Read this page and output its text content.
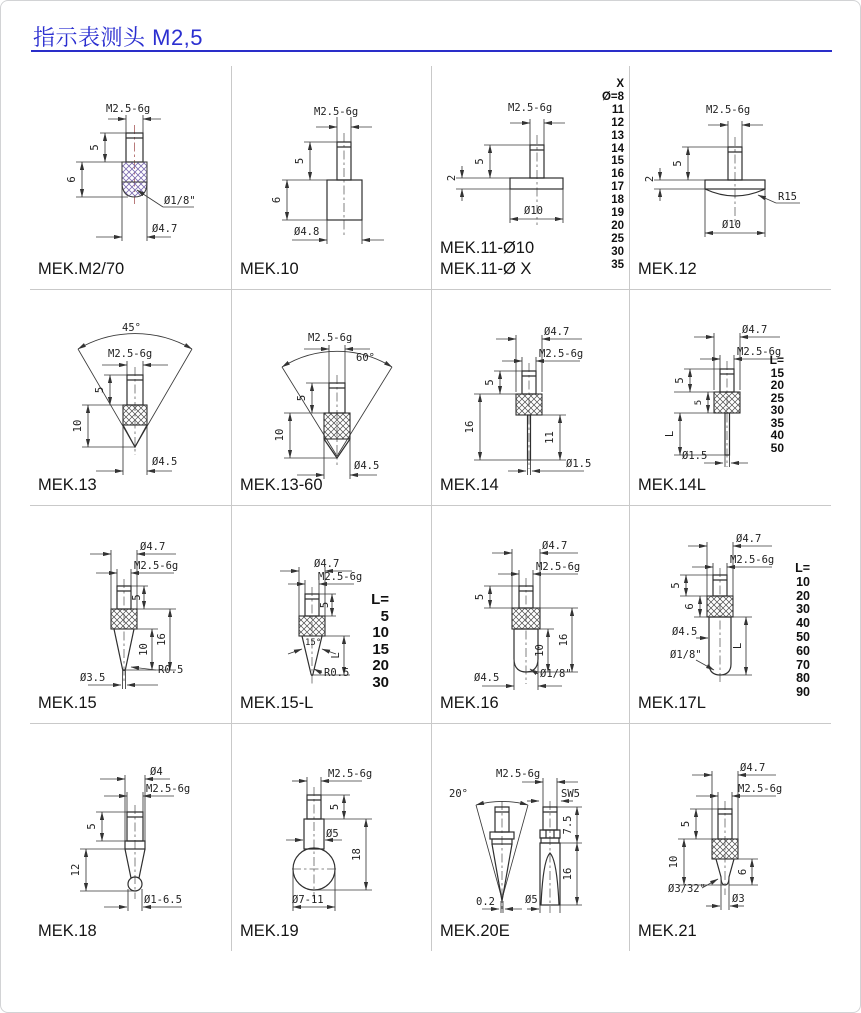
指示表测头 M2,5
M2.5-6g
5
6
Ø1/8"
Ø4.7
MEK.M2/70
M2.5-6g
5
6
Ø4.8
MEK.10
M2.5-6g
5
2
Ø10
X
Ø=8
11
12
13
14
15
16
17
18
19
20
25
30
35
MEK.11-Ø10
MEK.11-Ø X
M2.5-6g
5
2
R15
Ø10
MEK.12
45°
M2.5-6g
5
10
Ø4.5
MEK.13
M2.5-6g
60°
5
10
Ø4.5
MEK.13-60
Ø4.7
M2.5-6g
5
16
11
Ø1.5
MEK.14
Ø4.7
M2.5-6g
5
5
L
Ø1.5
L=
15
20
25
30
35
40
50
MEK.14L
Ø4.7
M2.5-6g
5
10
16
R0.5
Ø3.5
MEK.15
Ø4.7
M2.5-6g
5
L
15°
R0.5
L=
5
10
15
20
30
MEK.15-L
Ø4.7
M2.5-6g
5
10
16
Ø1/8"
Ø4.5
MEK.16
Ø4.7
M2.5-6g
5
6
L
Ø4.5
Ø1/8"
L=
10
20
30
40
50
60
70
80
90
MEK.17L
Ø4
M2.5-6g
5
12
Ø1-6.5
MEK.18
M2.5-6g
5
Ø5
18
Ø7-11
MEK.19
M2.5-6g
SW5
20°
0.2
7.5
16
Ø5
MEK.20E
Ø4.7
M2.5-6g
5
10
6
Ø3/32"
Ø3
MEK.21
